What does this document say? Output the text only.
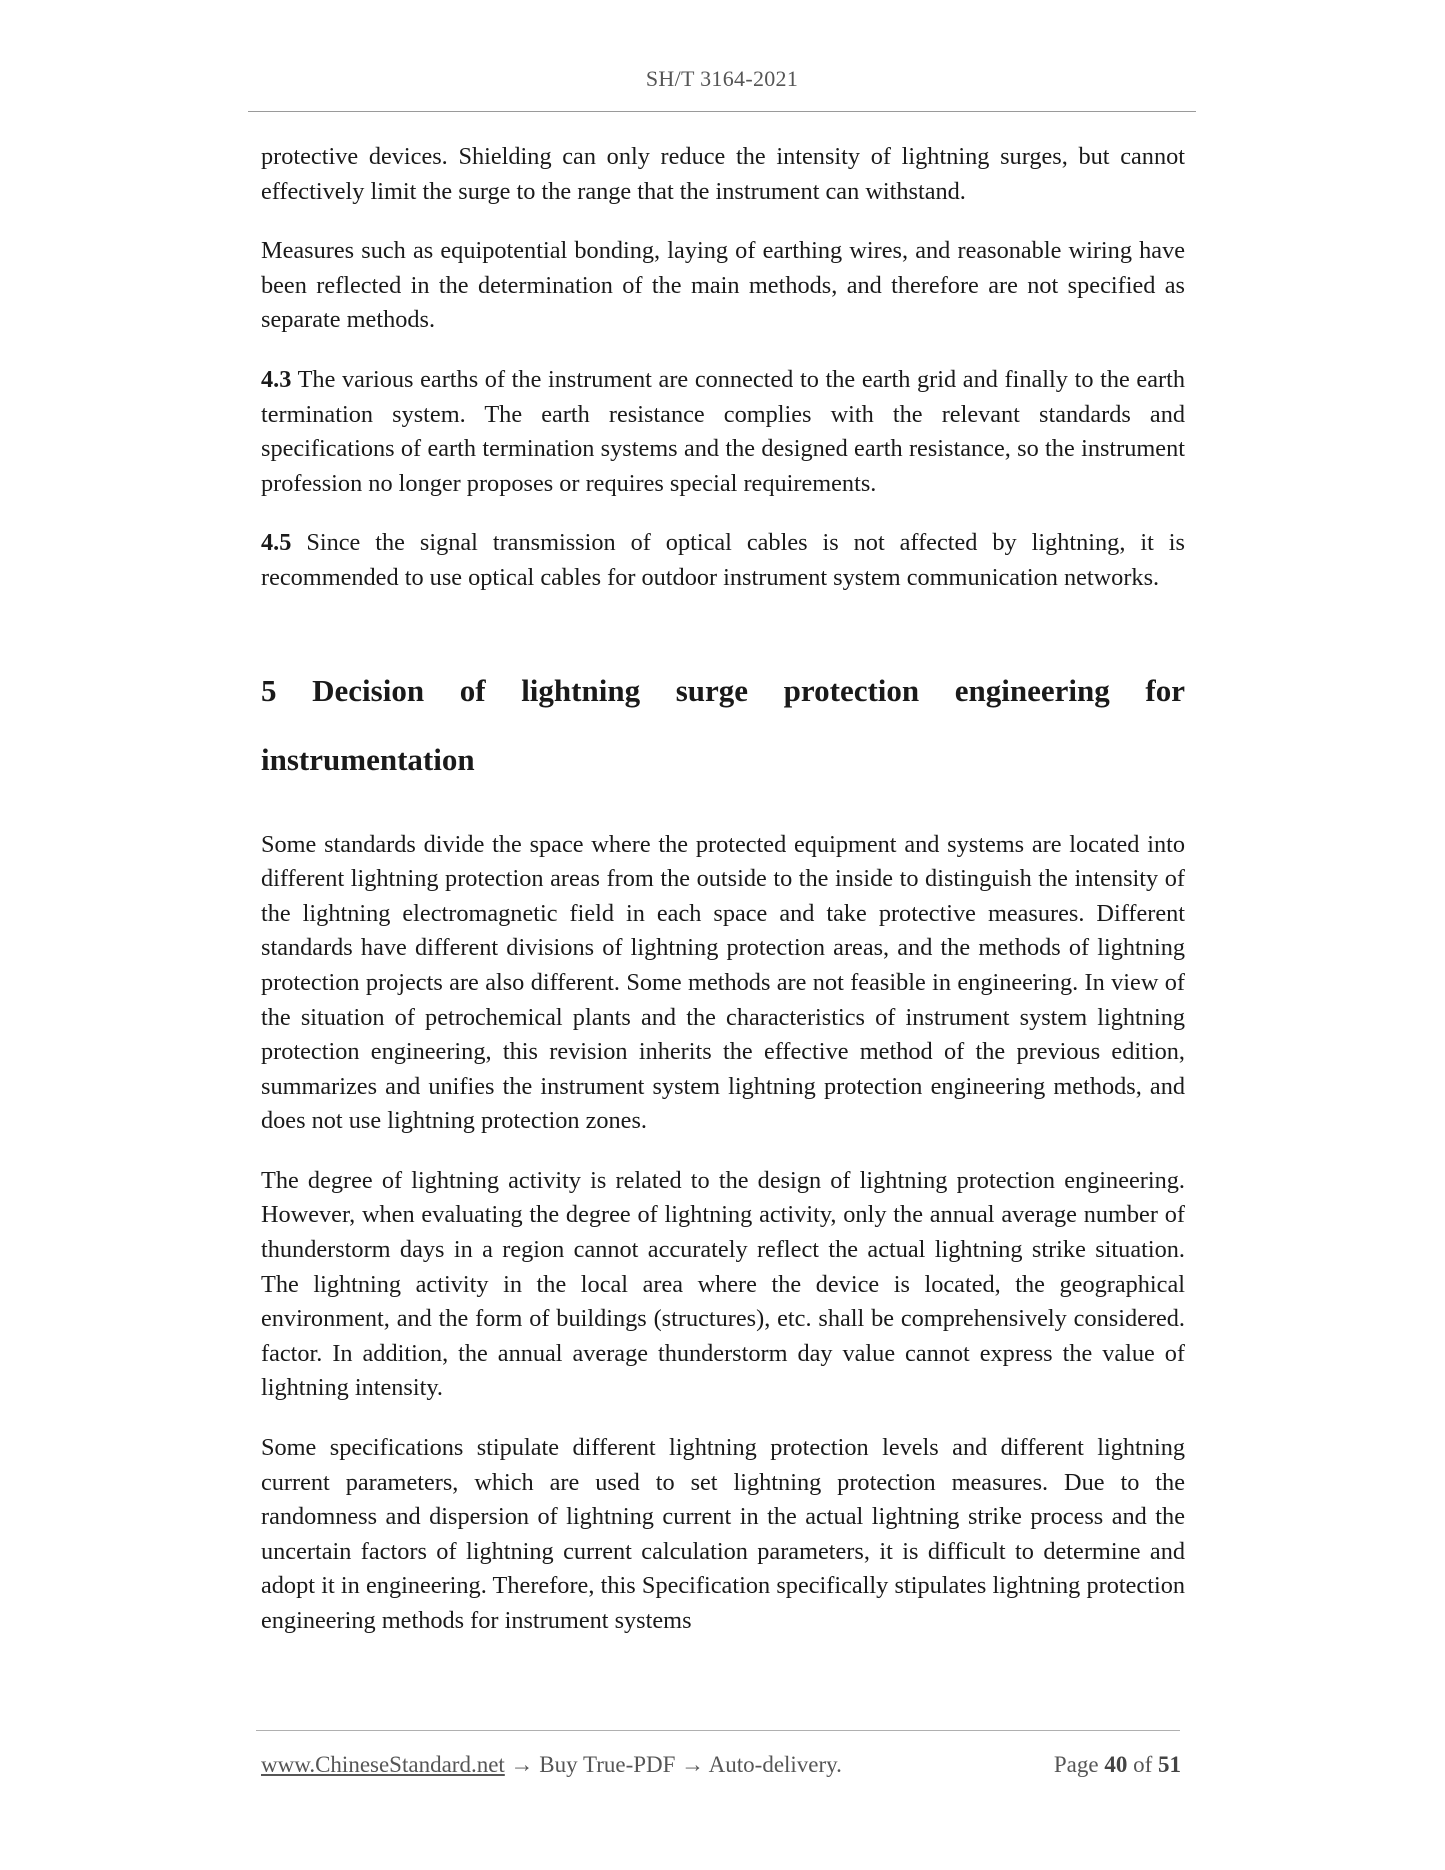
SH/T 3164-2021

protective devices. Shielding can only reduce the intensity of lightning surges, but cannot effectively limit the surge to the range that the instrument can withstand.

Measures such as equipotential bonding, laying of earthing wires, and reasonable wiring have been reflected in the determination of the main methods, and therefore are not specified as separate methods.

4.3 The various earths of the instrument are connected to the earth grid and finally to the earth termination system. The earth resistance complies with the relevant standards and specifications of earth termination systems and the designed earth resistance, so the instrument profession no longer proposes or requires special requirements.

4.5 Since the signal transmission of optical cables is not affected by lightning, it is recommended to use optical cables for outdoor instrument system communication networks.

5 Decision of lightning surge protection engineering for
instrumentation

Some standards divide the space where the protected equipment and systems are located into different lightning protection areas from the outside to the inside to distinguish the intensity of the lightning electromagnetic field in each space and take protective measures. Different standards have different divisions of lightning protection areas, and the methods of lightning protection projects are also different. Some methods are not feasible in engineering. In view of the situation of petrochemical plants and the characteristics of instrument system lightning protection engineering, this revision inherits the effective method of the previous edition, summarizes and unifies the instrument system lightning protection engineering methods, and does not use lightning protection zones.

The degree of lightning activity is related to the design of lightning protection engineering. However, when evaluating the degree of lightning activity, only the annual average number of thunderstorm days in a region cannot accurately reflect the actual lightning strike situation. The lightning activity in the local area where the device is located, the geographical environment, and the form of buildings (structures), etc. shall be comprehensively considered. factor. In addition, the annual average thunderstorm day value cannot express the value of lightning intensity.

Some specifications stipulate different lightning protection levels and different lightning current parameters, which are used to set lightning protection measures. Due to the randomness and dispersion of lightning current in the actual lightning strike process and the uncertain factors of lightning current calculation parameters, it is difficult to determine and adopt it in engineering. Therefore, this Specification specifically stipulates lightning protection engineering methods for instrument systems

www.ChineseStandard.net → Buy True-PDF → Auto-delivery.	Page 40 of 51
